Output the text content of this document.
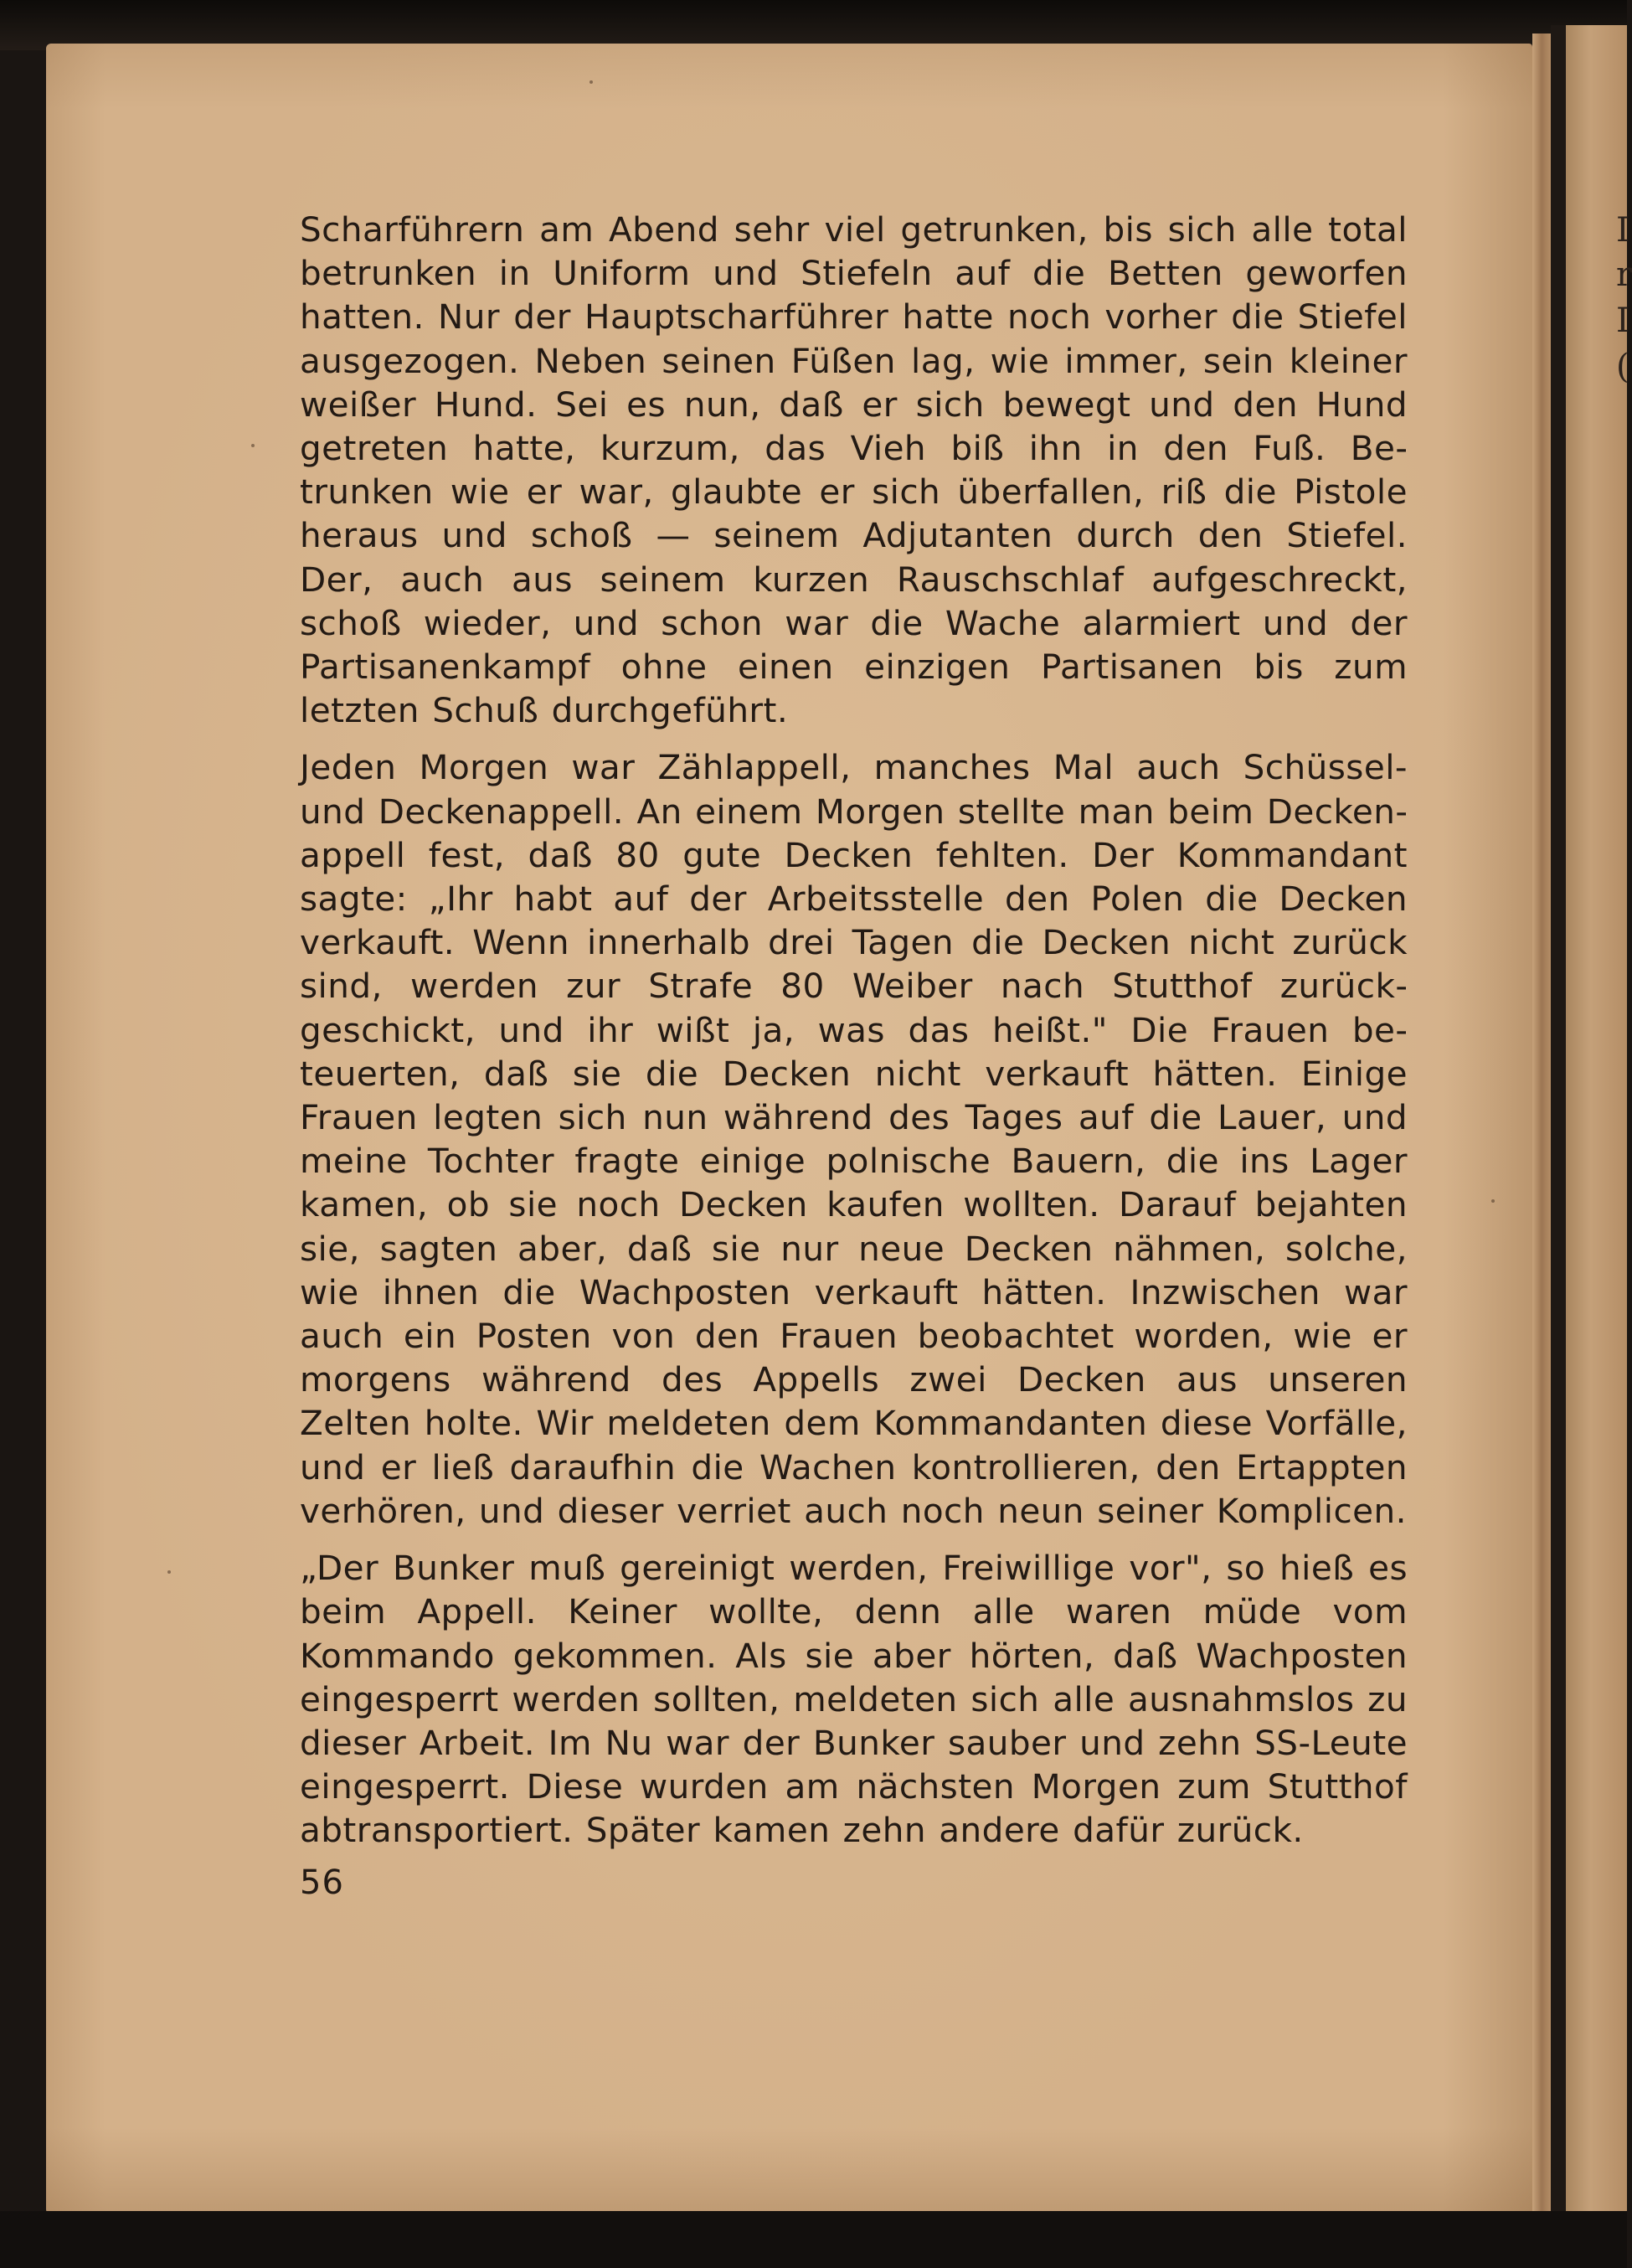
I
r
I
(

Scharführern am Abend sehr viel getrunken, bis sich alle total betrunken in Uniform und Stiefeln auf die Betten geworfen hatten. Nur der Hauptscharführer hatte noch vorher die Stiefel ausgezogen. Neben seinen Füßen lag, wie immer, sein kleiner weißer Hund. Sei es nun, daß er sich bewegt und den Hund getreten hatte, kurzum, das Vieh biß ihn in den Fuß. Betrunken wie er war, glaubte er sich überfallen, riß die Pistole heraus und schoß — seinem Adjutanten durch den Stiefel. Der, auch aus seinem kurzen Rauschschlaf aufgeschreckt, schoß wieder, und schon war die Wache alarmiert und der Partisanenkampf ohne einen einzigen Partisanen bis zum letzten Schuß durchgeführt.

Jeden Morgen war Zählappell, manches Mal auch Schüssel- und Deckenappell. An einem Morgen stellte man beim Deckenappell fest, daß 80 gute Decken fehlten. Der Kommandant sagte: „Ihr habt auf der Arbeitsstelle den Polen die Decken verkauft. Wenn innerhalb drei Tagen die Decken nicht zurück sind, werden zur Strafe 80 Weiber nach Stutthof zurückgeschickt, und ihr wißt ja, was das heißt." Die Frauen beteuerten, daß sie die Decken nicht verkauft hätten. Einige Frauen legten sich nun während des Tages auf die Lauer, und meine Tochter fragte einige polnische Bauern, die ins Lager kamen, ob sie noch Decken kaufen wollten. Darauf bejahten sie, sagten aber, daß sie nur neue Decken nähmen, solche, wie ihnen die Wachposten verkauft hätten. Inzwischen war auch ein Posten von den Frauen beobachtet worden, wie er morgens während des Appells zwei Decken aus unseren Zelten holte. Wir meldeten dem Kommandanten diese Vorfälle, und er ließ daraufhin die Wachen kontrollieren, den Ertappten verhören, und dieser verriet auch noch neun seiner Komplicen.

„Der Bunker muß gereinigt werden, Freiwillige vor", so hieß es beim Appell. Keiner wollte, denn alle waren müde vom Kommando gekommen. Als sie aber hörten, daß Wachposten eingesperrt werden sollten, meldeten sich alle ausnahmslos zu dieser Arbeit. Im Nu war der Bunker sauber und zehn SS-Leute eingesperrt. Diese wurden am nächsten Morgen zum Stutthof abtransportiert. Später kamen zehn andere dafür zurück.

56
